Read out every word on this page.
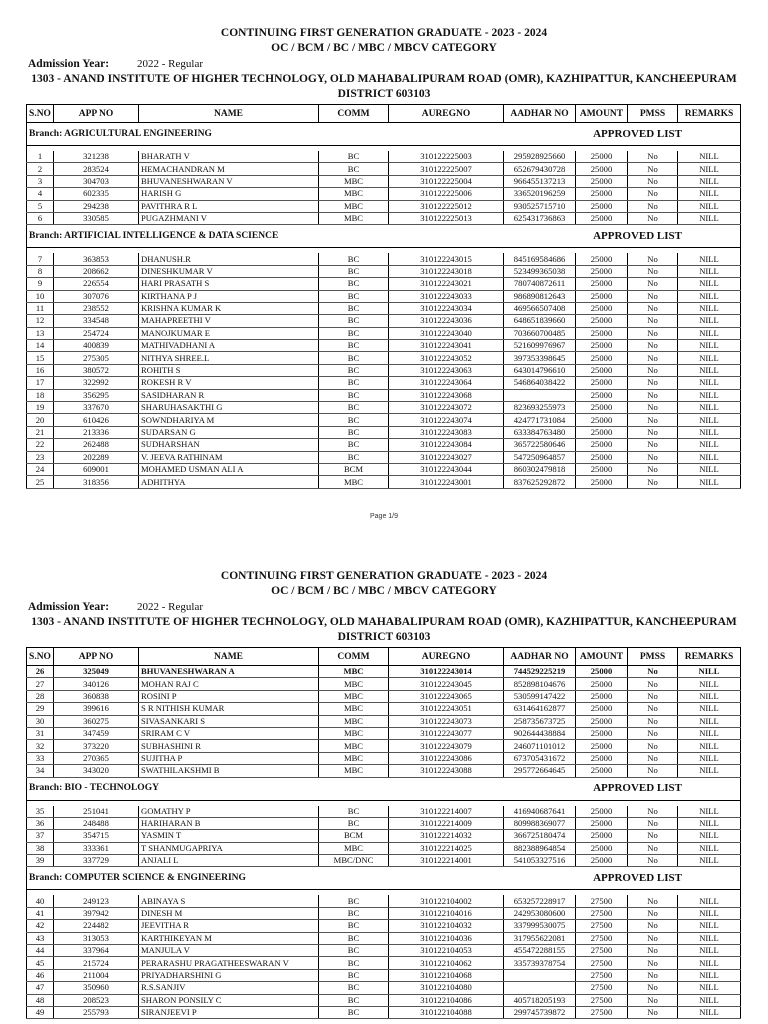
CONTINUING FIRST GENERATION GRADUATE - 2023 - 2024
OC / BCM / BC / MBC / MBCV CATEGORY
Admission Year:	2022 - Regular
1303 - ANAND INSTITUTE OF HIGHER TECHNOLOGY, OLD MAHABALIPURAM ROAD (OMR), KAZHIPATTUR, KANCHEEPURAM
DISTRICT 603103
S.NO	APP NO	NAME	COMM	AUREGNO	AADHAR NO	AMOUNT	PMSS	REMARKS
Branch: AGRICULTURAL ENGINEERING APPROVED LIST								

1	321238	BHARATH V	BC	310122225003	295928925660	25000	No	NILL
2	283524	HEMACHANDRAN M	BC	310122225007	652679430728	25000	No	NILL
3	304703	BHUVANESHWARAN V	MBC	310122225004	966455137213	25000	No	NILL
4	602335	HARISH G	MBC	310122225006	336520196259	25000	No	NILL
5	294238	PAVITHRA R L	MBC	310122225012	930525715710	25000	No	NILL
6	330585	PUGAZHMANI V	MBC	310122225013	625431736863	25000	No	NILL
Branch: ARTIFICIAL INTELLIGENCE & DATA SCIENCE APPROVED LIST								

7	363853	DHANUSH.R	BC	310122243015	845169584686	25000	No	NILL
8	208662	DINESHKUMAR V	BC	310122243018	523499365038	25000	No	NILL
9	226554	HARI PRASATH S	BC	310122243021	780740872611	25000	No	NILL
10	307076	KIRTHANA P J	BC	310122243033	986890812643	25000	No	NILL
11	238552	KRISHNA KUMAR K	BC	310122243034	469566507408	25000	No	NILL
12	334548	MAHAPREETHI V	BC	310122243036	648651839660	25000	No	NILL
13	254724	MANOJKUMAR E	BC	310122243040	703660700485	25000	No	NILL
14	400839	MATHIVADHANI A	BC	310122243041	521609976967	25000	No	NILL
15	275305	NITHYA SHREE.L	BC	310122243052	397353398645	25000	No	NILL
16	380572	ROHITH S	BC	310122243063	643014796610	25000	No	NILL
17	322992	ROKESH R V	BC	310122243064	546864038422	25000	No	NILL
18	356295	SASIDHARAN R	BC	310122243068		25000	No	NILL
19	337670	SHARUHASAKTHI G	BC	310122243072	823693255973	25000	No	NILL
20	610426	SOWNDHARIYA M	BC	310122243074	424771731084	25000	No	NILL
21	213336	SUDARSAN G	BC	310122243083	633384763480	25000	No	NILL
22	262488	SUDHARSHAN	BC	310122243084	365722580646	25000	No	NILL
23	202289	V. JEEVA RATHINAM	BC	310122243027	547250964857	25000	No	NILL
24	609001	MOHAMED USMAN ALI A	BCM	310122243044	860302479818	25000	No	NILL
25	318356	ADHITHYA	MBC	310122243001	837625292872	25000	No	NILL
Page 1/9
CONTINUING FIRST GENERATION GRADUATE - 2023 - 2024
OC / BCM / BC / MBC / MBCV CATEGORY
Admission Year:	2022 - Regular
1303 - ANAND INSTITUTE OF HIGHER TECHNOLOGY, OLD MAHABALIPURAM ROAD (OMR), KAZHIPATTUR, KANCHEEPURAM
DISTRICT 603103
S.NO	APP NO	NAME	COMM	AUREGNO	AADHAR NO	AMOUNT	PMSS	REMARKS
26	325049	BHUVANESHWARAN A	MBC	310122243014	744529225219	25000	No	NILL
27	340126	MOHAN RAJ C	MBC	310122243045	852898104676	25000	No	NILL
28	360838	ROSINI P	MBC	310122243065	530599147422	25000	No	NILL
29	399616	S R NITHISH KUMAR	MBC	310122243051	631464162877	25000	No	NILL
30	360275	SIVASANKARI S	MBC	310122243073	258735673725	25000	No	NILL
31	347459	SRIRAM C V	MBC	310122243077	902644438884	25000	No	NILL
32	373220	SUBHASHINI R	MBC	310122243079	246071101012	25000	No	NILL
33	270365	SUJITHA P	MBC	310122243086	673705431672	25000	No	NILL
34	343020	SWATHILAKSHMI B	MBC	310122243088	295772664645	25000	No	NILL
Branch: BIO - TECHNOLOGY APPROVED LIST								

35	251041	GOMATHY P	BC	310122214007	416940687641	25000	No	NILL
36	248488	HARIHARAN B	BC	310122214009	809988369077	25000	No	NILL
37	354715	YASMIN T	BCM	310122214032	366725180474	25000	No	NILL
38	333361	T SHANMUGAPRIYA	MBC	310122214025	882388964854	25000	No	NILL
39	337729	ANJALI L	MBC/DNC	310122214001	541053327516	25000	No	NILL
Branch: COMPUTER SCIENCE & ENGINEERING APPROVED LIST								

40	249123	ABINAYA S	BC	310122104002	653257228917	27500	No	NILL
41	397942	DINESH M	BC	310122104016	242953080600	27500	No	NILL
42	224482	JEEVITHA R	BC	310122104032	337999530075	27500	No	NILL
43	313053	KARTHIKEYAN M	BC	310122104036	317955622081	27500	No	NILL
44	337964	MANJULA V	BC	310122104053	455472288155	27500	No	NILL
45	215724	PERARASHU PRAGATHEESWARAN V	BC	310122104062	335739378754	27500	No	NILL
46	211004	PRIYADHARSHINI G	BC	310122104068		27500	No	NILL
47	350960	R.S.SANJIV	BC	310122104080		27500	No	NILL
48	208523	SHARON PONSILY C	BC	310122104086	405718205193	27500	No	NILL
49	255793	SIRANJEEVI P	BC	310122104088	299745739872	27500	No	NILL
